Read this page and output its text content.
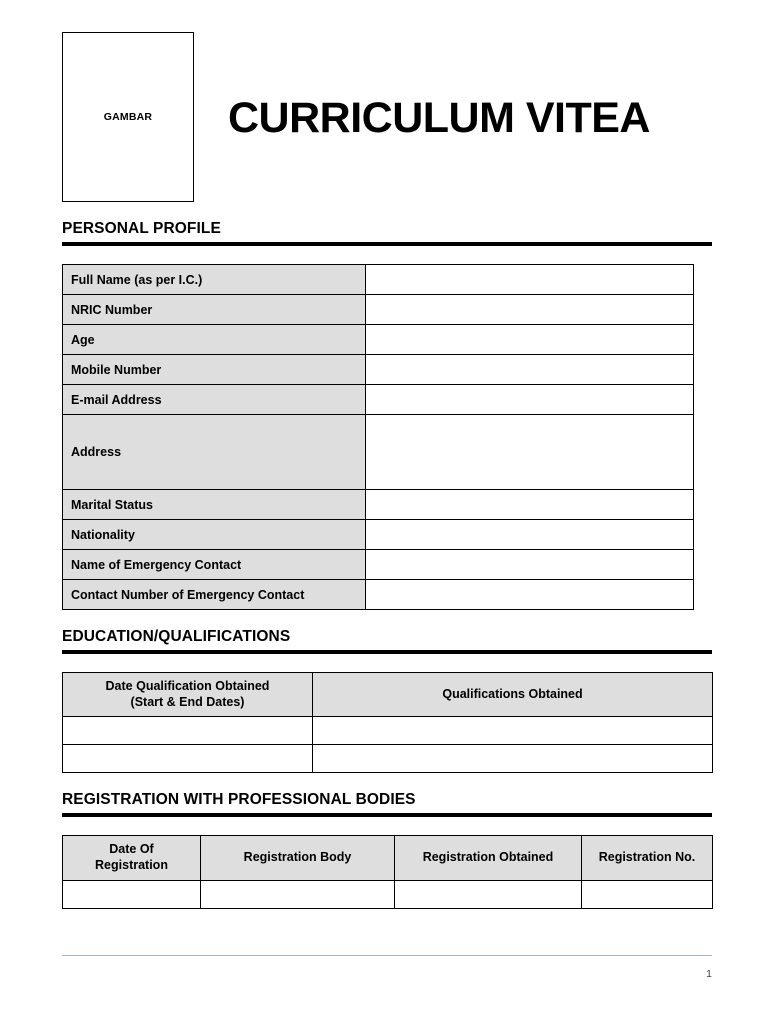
GAMBAR CURRICULUM VITEA
PERSONAL PROFILE
Full Name (as per I.C.)	
NRIC Number	
Age	
Mobile Number	
E-mail Address	
Address	
Marital Status	
Nationality	
Name of Emergency Contact	
Contact Number of Emergency Contact	
EDUCATION/QUALIFICATIONS
Date Qualification Obtained
(Start & End Dates)	Qualifications Obtained

REGISTRATION WITH PROFESSIONAL BODIES
Date Of
Registration	Registration Body	Registration Obtained	Registration No.

1
